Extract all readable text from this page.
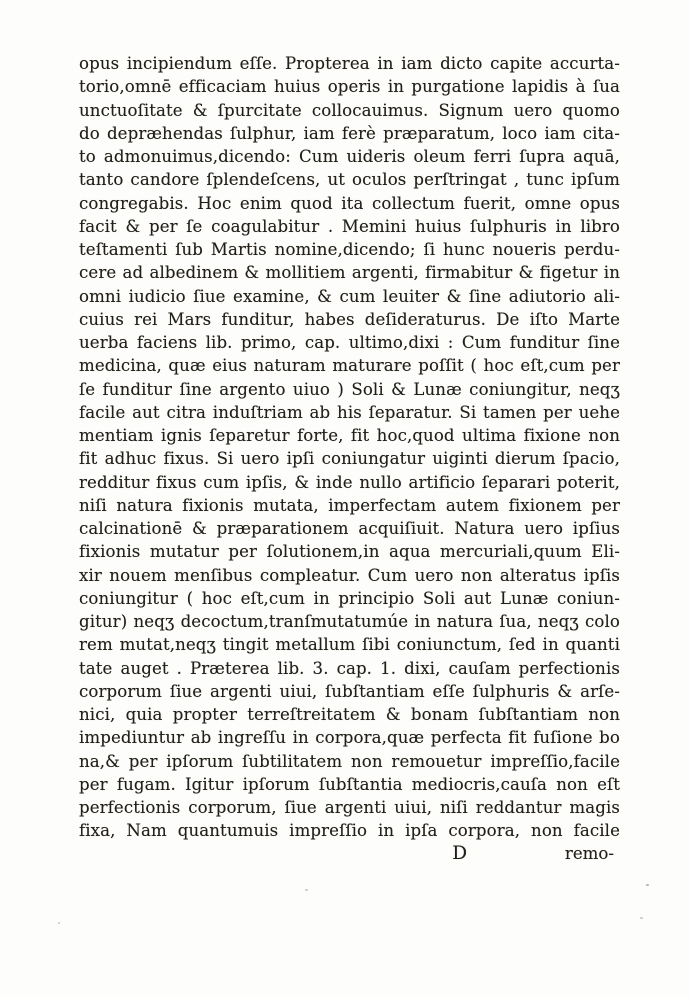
opus incipiendum eſſe. Propterea in iam dicto capite accurta-
torio,omnē efficaciam huius operis in purgatione lapidis à ſua
unctuoſitate & ſpurcitate collocauimus. Signum uero quomo
do depræhendas ſulphur, iam ferè præparatum, loco iam cita-
to admonuimus,dicendo: Cum uideris oleum ferri ſupra aquā,
tanto candore ſplendeſcens, ut oculos perſtringat , tunc ipſum
congregabis. Hoc enim quod ita collectum fuerit, omne opus
facit & per ſe coagulabitur . Memini huius ſulphuris in libro
teſtamenti ſub Martis nomine,dicendo; ſi hunc noueris perdu-
cere ad albedinem & mollitiem argenti, firmabitur & figetur in
omni iudicio ſiue examine, & cum leuiter & ſine adiutorio ali-
cuius rei Mars funditur, habes deſideraturus. De iſto Marte
uerba faciens lib. primo, cap. ultimo,dixi : Cum funditur ſine
medicina, quæ eius naturam maturare poſſit ( hoc eſt,cum per
ſe funditur ſine argento uiuo ) Soli & Lunæ coniungitur, neqʒ
facile aut citra induſtriam ab his ſeparatur. Si tamen per uehe
mentiam ignis ſeparetur forte, fit hoc,quod ultima fixione non
fit adhuc fixus. Si uero ipſi coniungatur uiginti dierum ſpacio,
redditur fixus cum ipſis, & inde nullo artificio ſeparari poterit,
niſi natura fixionis mutata, imperfectam autem fixionem per
calcinationē & præparationem acquiſiuit. Natura uero ipſius
fixionis mutatur per ſolutionem,in aqua mercuriali,quum Eli-
xir nouem menſibus compleatur. Cum uero non alteratus ipſis
coniungitur ( hoc eſt,cum in principio Soli aut Lunæ coniun-
gitur) neqʒ decoctum,tranſmutatumúe in natura ſua, neqʒ colo
rem mutat,neqʒ tingit metallum ſibi coniunctum, ſed in quanti
tate auget . Præterea lib. 3. cap. 1. dixi, cauſam perfectionis
corporum ſiue argenti uiui, ſubſtantiam eſſe ſulphuris & arſe-
nici, quia propter terreſtreitatem & bonam ſubſtantiam non
impediuntur ab ingreſſu in corpora,quæ perfecta fit fuſione bo
na,& per ipſorum ſubtilitatem non remouetur impreſſio,facile
per fugam. Igitur ipſorum ſubſtantia mediocris,cauſa non eſt
perfectionis corporum, ſiue argenti uiui, niſi reddantur magis
fixa, Nam quantumuis impreſſio in ipſa corpora, non facile
D	remo-
